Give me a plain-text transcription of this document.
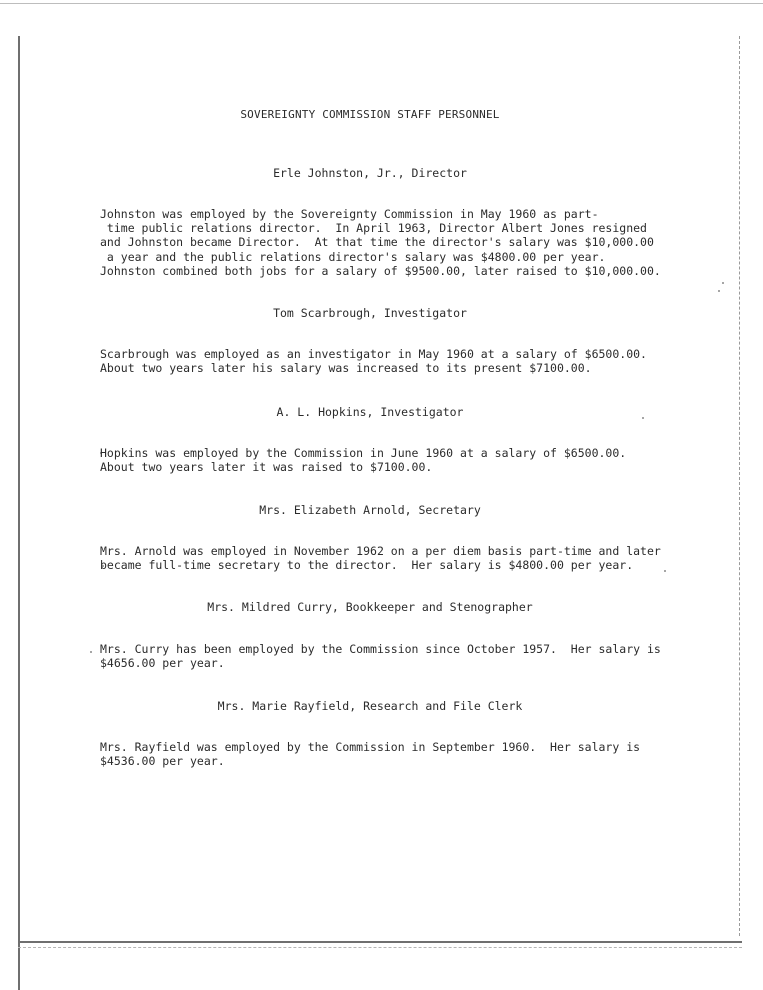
SOVEREIGNTY COMMISSION STAFF PERSONNEL
Erle Johnston, Jr., Director

Johnston was employed by the Sovereignty Commission in May 1960 as part-
time public relations director.  In April 1963, Director Albert Jones resigned
and Johnston became Director.  At that time the director's salary was $10,000.00
a year and the public relations director's salary was $4800.00 per year.
Johnston combined both jobs for a salary of $9500.00, later raised to $10,000.00.

Tom Scarbrough, Investigator

Scarbrough was employed as an investigator in May 1960 at a salary of $6500.00.
About two years later his salary was increased to its present $7100.00.

A. L. Hopkins, Investigator

Hopkins was employed by the Commission in June 1960 at a salary of $6500.00.
About two years later it was raised to $7100.00.

Mrs. Elizabeth Arnold, Secretary

Mrs. Arnold was employed in November 1962 on a per diem basis part-time and later
became full-time secretary to the director.  Her salary is $4800.00 per year.

Mrs. Mildred Curry, Bookkeeper and Stenographer

Mrs. Curry has been employed by the Commission since October 1957.  Her salary is
$4656.00 per year.

Mrs. Marie Rayfield, Research and File Clerk

Mrs. Rayfield was employed by the Commission in September 1960.  Her salary is
$4536.00 per year.
